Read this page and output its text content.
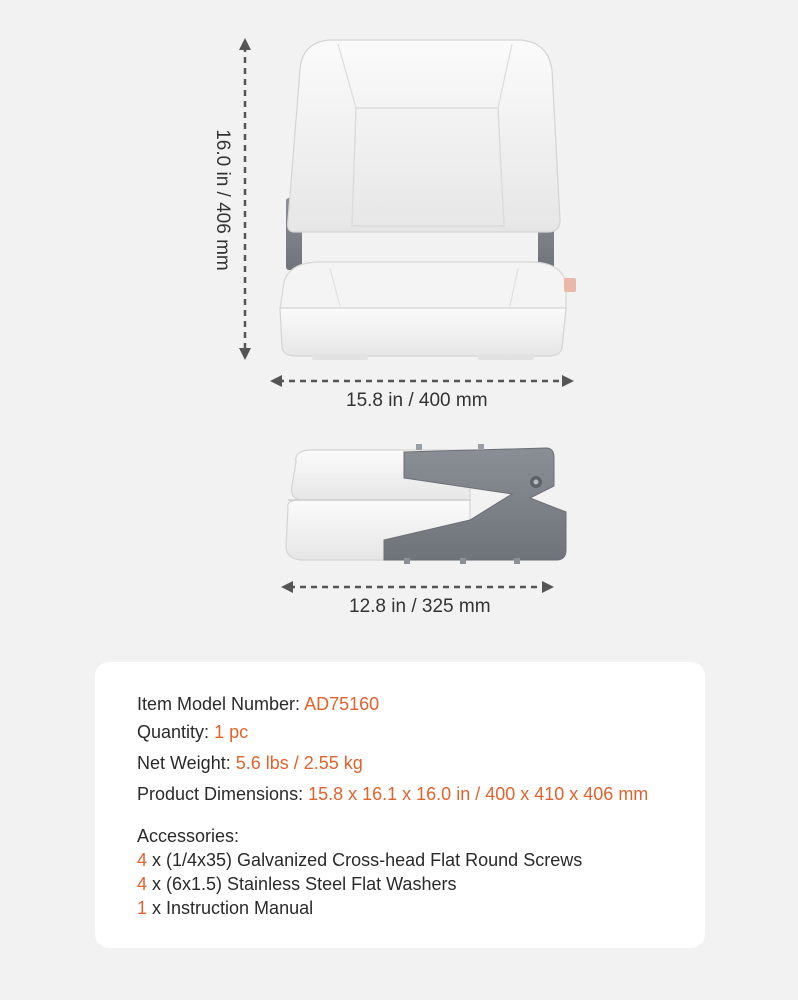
16.0 in / 406 mm
15.8 in / 400 mm
12.8 in / 325 mm
Item Model Number: AD75160
Quantity: 1 pc
Net Weight: 5.6 lbs / 2.55 kg
Product Dimensions: 15.8 x 16.1 x 16.0 in / 400 x 410 x 406 mm
Accessories:
4 x (1/4x35) Galvanized Cross-head Flat Round Screws
4 x (6x1.5) Stainless Steel Flat Washers
1 x Instruction Manual
